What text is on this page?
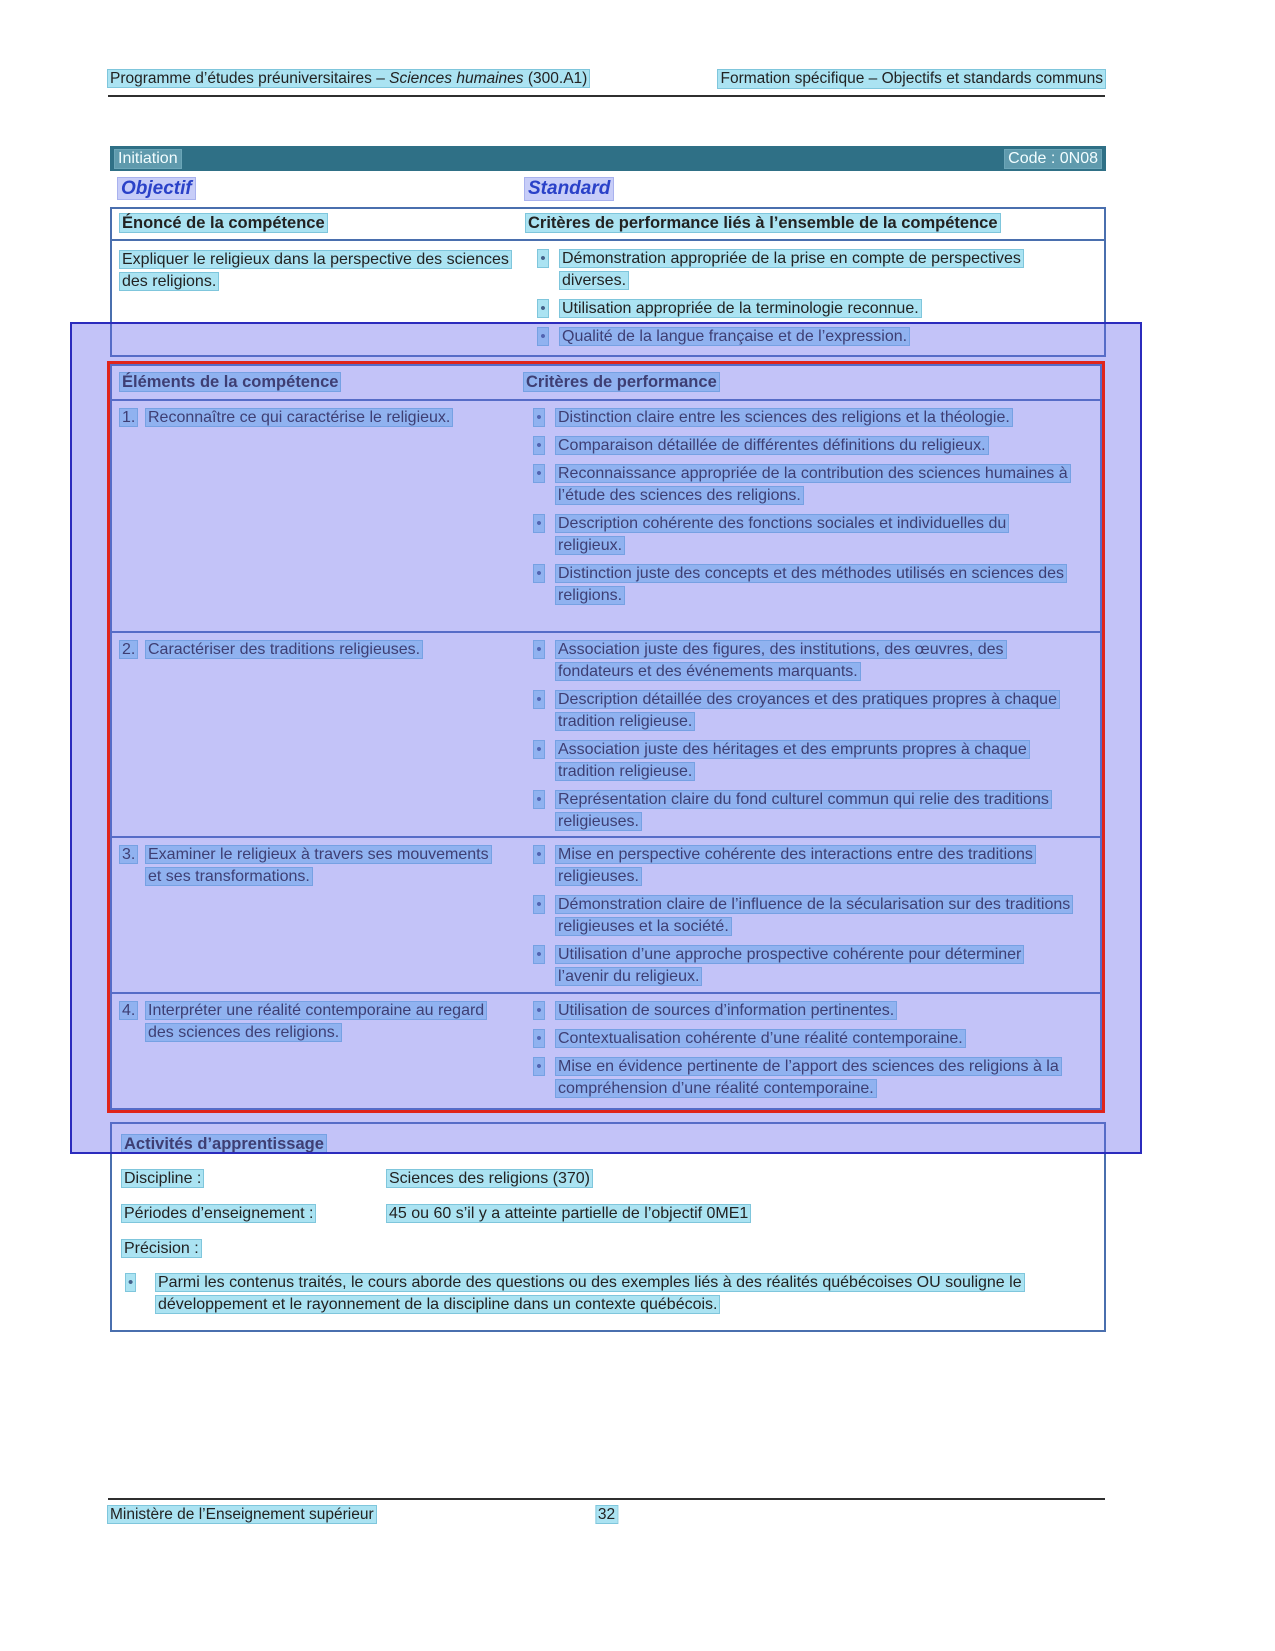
Programme d’études préuniversitaires – Sciences humaines (300.A1)	Formation spécifique – Objectifs et standards communs
Initiation	Code : 0N08
Objectif	Standard
Énoncé de la compétence	Critères de performance liés à l’ensemble de la compétence
Expliquer le religieux dans la perspective des sciences des religions.
•	Démonstration appropriée de la prise en compte de perspectives diverses.
•	Utilisation appropriée de la terminologie reconnue.
•	Qualité de la langue française et de l’expression.
Éléments de la compétence	Critères de performance
1. Reconnaître ce qui caractérise le religieux.	•	Distinction claire entre les sciences des religions et la théologie.
•	Comparaison détaillée de différentes définitions du religieux.
•	Reconnaissance appropriée de la contribution des sciences humaines à l’étude des sciences des religions.
•	Description cohérente des fonctions sociales et individuelles du religieux.
•	Distinction juste des concepts et des méthodes utilisés en sciences des religions.
2. Caractériser des traditions religieuses.	•	Association juste des figures, des institutions, des œuvres, des fondateurs et des événements marquants.
•	Description détaillée des croyances et des pratiques propres à chaque tradition religieuse.
•	Association juste des héritages et des emprunts propres à chaque tradition religieuse.
•	Représentation claire du fond culturel commun qui relie des traditions religieuses.
3. Examiner le religieux à travers ses mouvements et ses transformations.
•	Mise en perspective cohérente des interactions entre des traditions religieuses.
•	Démonstration claire de l’influence de la sécularisation sur des traditions religieuses et la société.
•	Utilisation d’une approche prospective cohérente pour déterminer l’avenir du religieux.
4. Interpréter une réalité contemporaine au regard des sciences des religions.
•	Utilisation de sources d’information pertinentes.
•	Contextualisation cohérente d’une réalité contemporaine.
•	Mise en évidence pertinente de l’apport des sciences des religions à la compréhension d’une réalité contemporaine.
Activités d’apprentissage
Discipline :	Sciences des religions (370)
Périodes d’enseignement :	45 ou 60 s’il y a atteinte partielle de l’objectif 0ME1
Précision :
•	Parmi les contenus traités, le cours aborde des questions ou des exemples liés à des réalités québécoises OU souligne le développement et le rayonnement de la discipline dans un contexte québécois.
Ministère de l’Enseignement supérieur	32
